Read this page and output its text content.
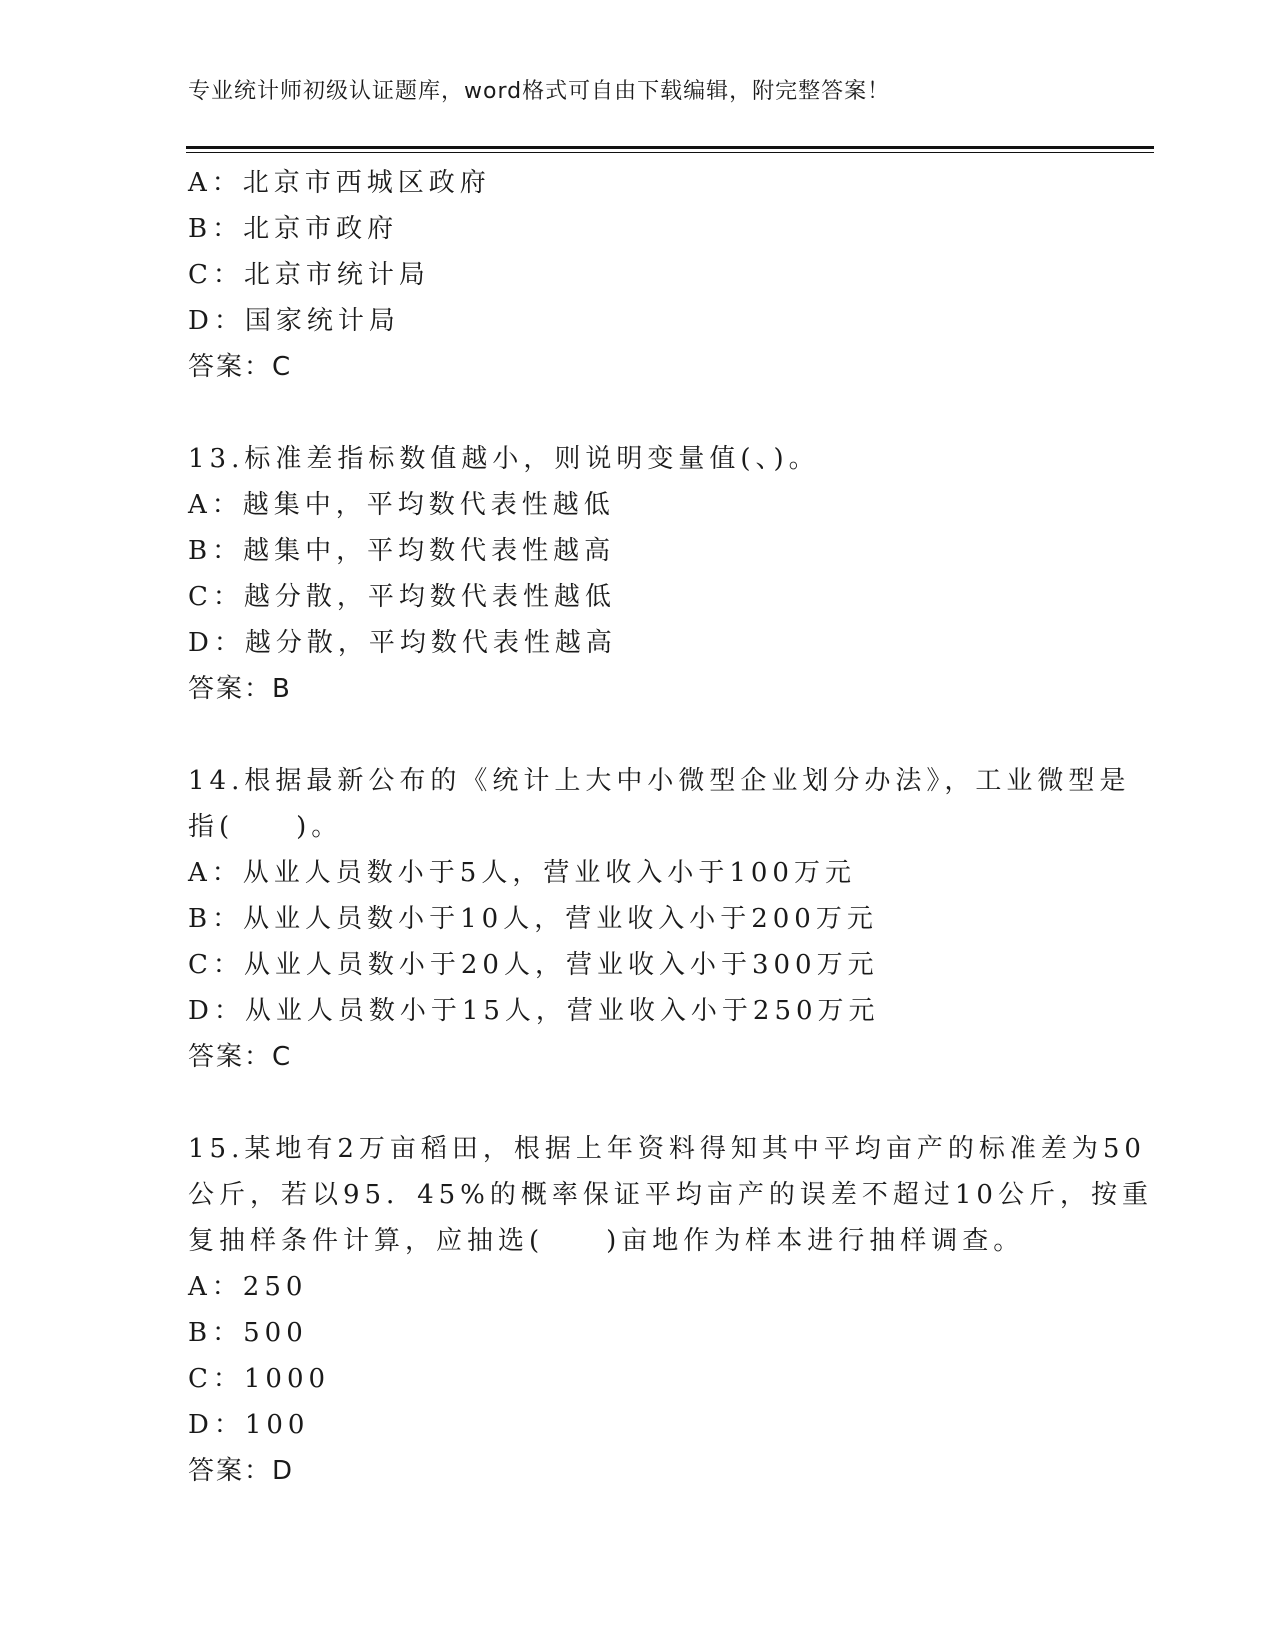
专业统计师初级认证题库，word格式可自由下载编辑，附完整答案！
A：北京市西城区政府
B：北京市政府
C：北京市统计局
D：国家统计局
答案：C
13.标准差指标数值越小，则说明变量值(、)。
A：越集中，平均数代表性越低
B：越集中，平均数代表性越高
C：越分散，平均数代表性越低
D：越分散，平均数代表性越高
答案：B
14.根据最新公布的《统计上大中小微型企业划分办法》，工业微型是
指(　　)。
A：从业人员数小于5人，营业收入小于100万元
B：从业人员数小于10人，营业收入小于200万元
C：从业人员数小于20人，营业收入小于300万元
D：从业人员数小于15人，营业收入小于250万元
答案：C
15.某地有2万亩稻田，根据上年资料得知其中平均亩产的标准差为50
公斤，若以95．45%的概率保证平均亩产的误差不超过10公斤，按重
复抽样条件计算，应抽选(　　)亩地作为样本进行抽样调查。
A：250
B：500
C：1000
D：100
答案：D
